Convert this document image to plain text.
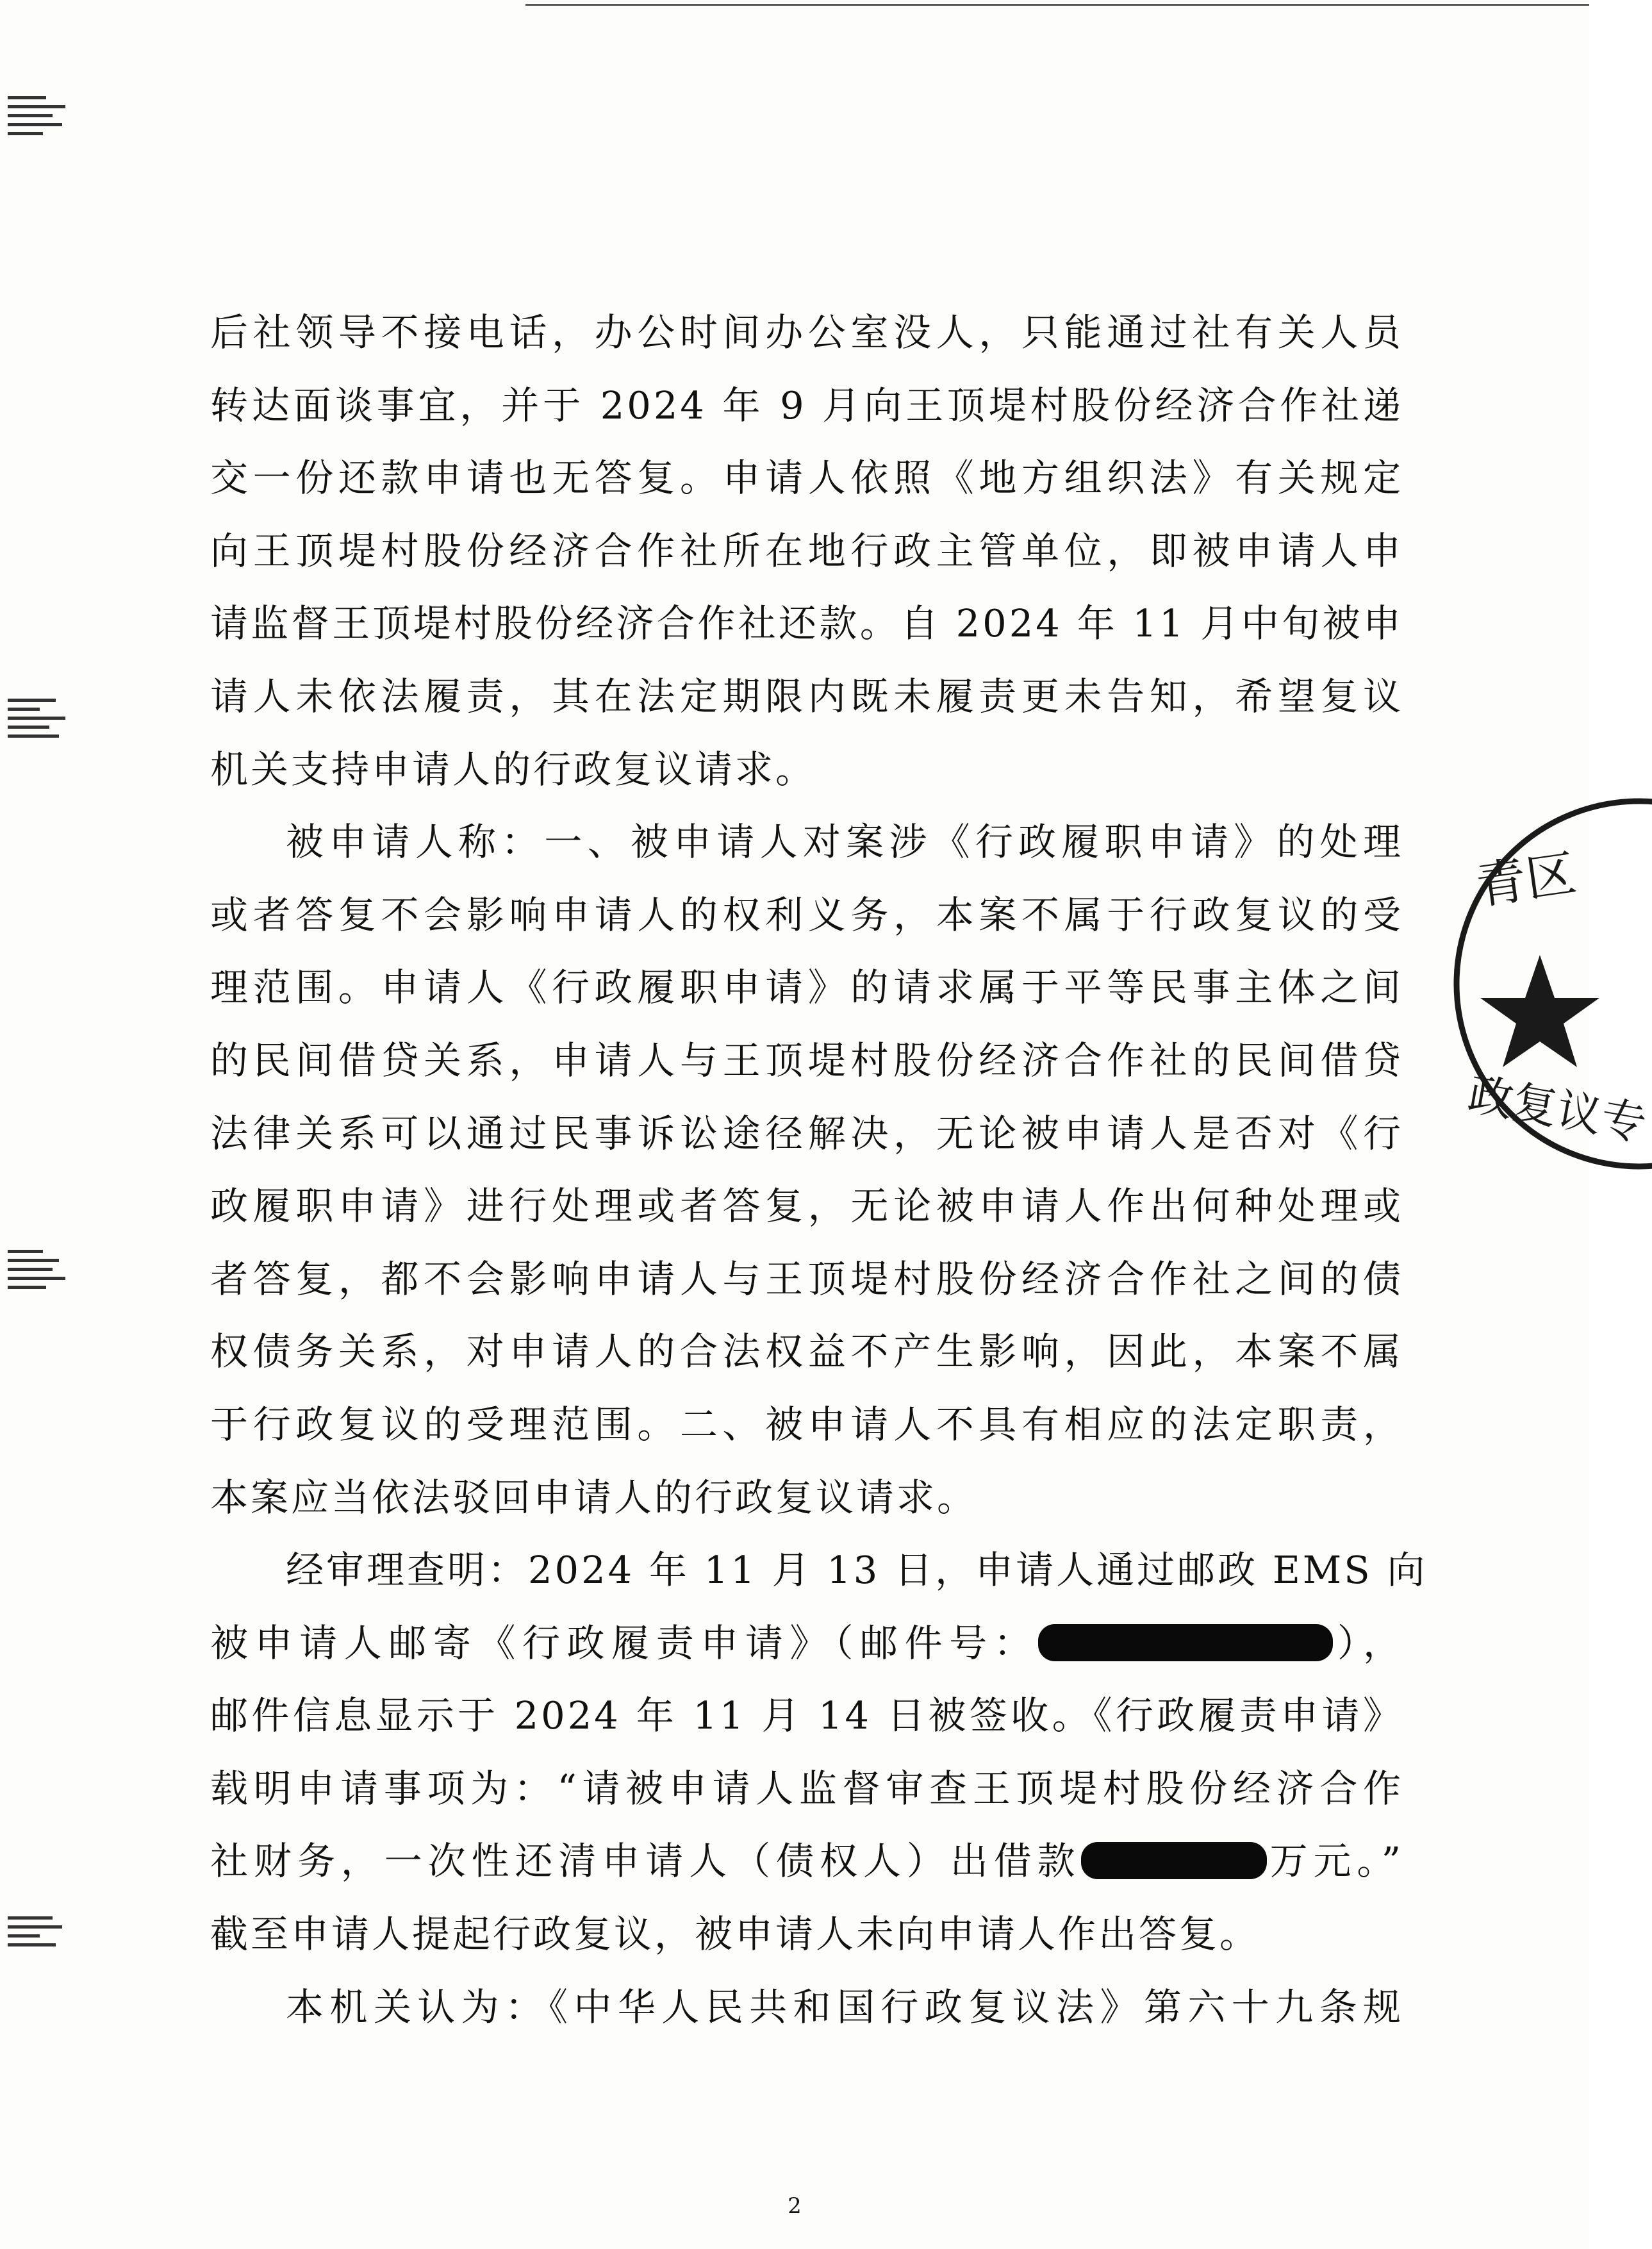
后社领导不接电话，办公时间办公室没人，只能通过社有关人员
转达面谈事宜，并于 2024 年 9 月向王顶堤村股份经济合作社递
交一份还款申请也无答复。申请人依照《地方组织法》有关规定
向王顶堤村股份经济合作社所在地行政主管单位，即被申请人申
请监督王顶堤村股份经济合作社还款。自 2024 年 11 月中旬被申
请人未依法履责，其在法定期限内既未履责更未告知，希望复议
机关支持申请人的行政复议请求。
被申请人称：一、被申请人对案涉《行政履职申请》的处理
或者答复不会影响申请人的权利义务，本案不属于行政复议的受
理范围。申请人《行政履职申请》的请求属于平等民事主体之间
的民间借贷关系，申请人与王顶堤村股份经济合作社的民间借贷
法律关系可以通过民事诉讼途径解决，无论被申请人是否对《行
政履职申请》进行处理或者答复，无论被申请人作出何种处理或
者答复，都不会影响申请人与王顶堤村股份经济合作社之间的债
权债务关系，对申请人的合法权益不产生影响，因此，本案不属
于行政复议的受理范围。二、被申请人不具有相应的法定职责，
本案应当依法驳回申请人的行政复议请求。
经审理查明：2024 年 11 月 13 日，申请人通过邮政 EMS 向
被申请人邮寄《行政履责申请》（邮件号：	），
邮件信息显示于 2024 年 11 月 14 日被签收。《行政履责申请》
载明申请事项为：“请被申请人监督审查王顶堤村股份经济合作
社财务，一次性还清申请人（债权人）出借款	万元。”
截至申请人提起行政复议，被申请人未向申请人作出答复。
本机关认为：《中华人民共和国行政复议法》第六十九条规
青区
政复议专
2
